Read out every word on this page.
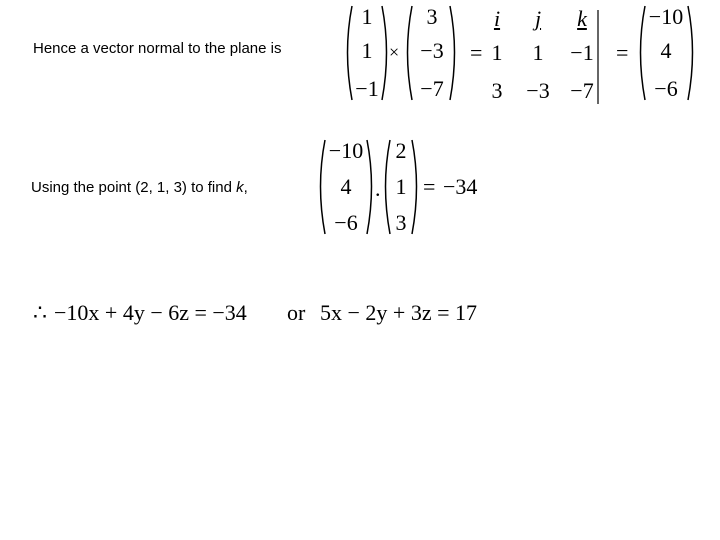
Hence a vector normal to the plane is
1
1
−1
×
3
−3
−7
=
i	j	k
1	1	−1
3	−3 −7
=
−10
4
−6
Using the point (2, 1, 3) to find k,
−10
4
−6
.
2
1
3
= −34
∴ −10x + 4y − 6z = −34 or 5x − 2y + 3z = 17
